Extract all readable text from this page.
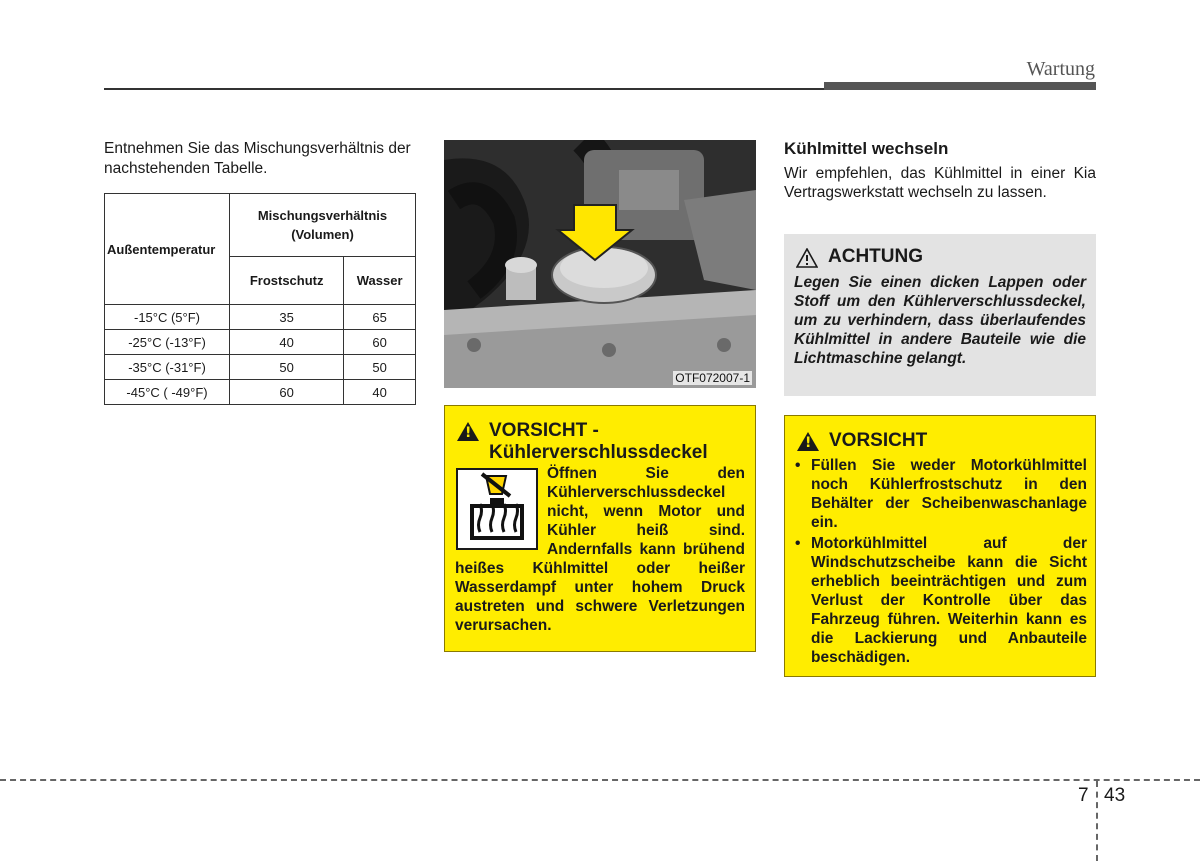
Wartung
Entnehmen Sie das Mischungsverhältnis der nachstehenden Tabelle.
Außentemperatur	Mischungsverhältnis
(Volumen)	
	Frostschutz	Wasser
-15°C (5°F)	35	65
-25°C (-13°F)	40	60
-35°C (-31°F)	50	50
-45°C ( -49°F)	60	40
OTF072007-1
!
VORSICHT -
Kühlerverschlussdeckel
Öffnen Sie den Kühlerverschlussdeckel nicht, wenn Motor und Kühler heiß sind. Andernfalls kann brühend heißes Kühlmittel oder heißer Wasserdampf unter hohem Druck austreten und schwere Verletzungen verursachen.
Kühlmittel wechseln
Wir empfehlen, das Kühlmittel in einer Kia Vertragswerkstatt wechseln zu lassen.
ACHTUNG
Legen Sie einen dicken Lappen oder Stoff um den Kühlerverschlussdeckel, um zu verhindern, dass überlaufendes Kühlmittel in andere Bauteile wie die Lichtmaschine gelangt.
!
VORSICHT
• Füllen Sie weder Motorkühlmittel noch Kühlerfrostschutz in den Behälter der Scheibenwaschanlage ein.
• Motorkühlmittel auf der Windschutzscheibe kann die Sicht erheblich beeinträchtigen und zum Verlust der Kontrolle über das Fahrzeug führen. Weiterhin kann es die Lackierung und Anbauteile beschädigen.
7 43
